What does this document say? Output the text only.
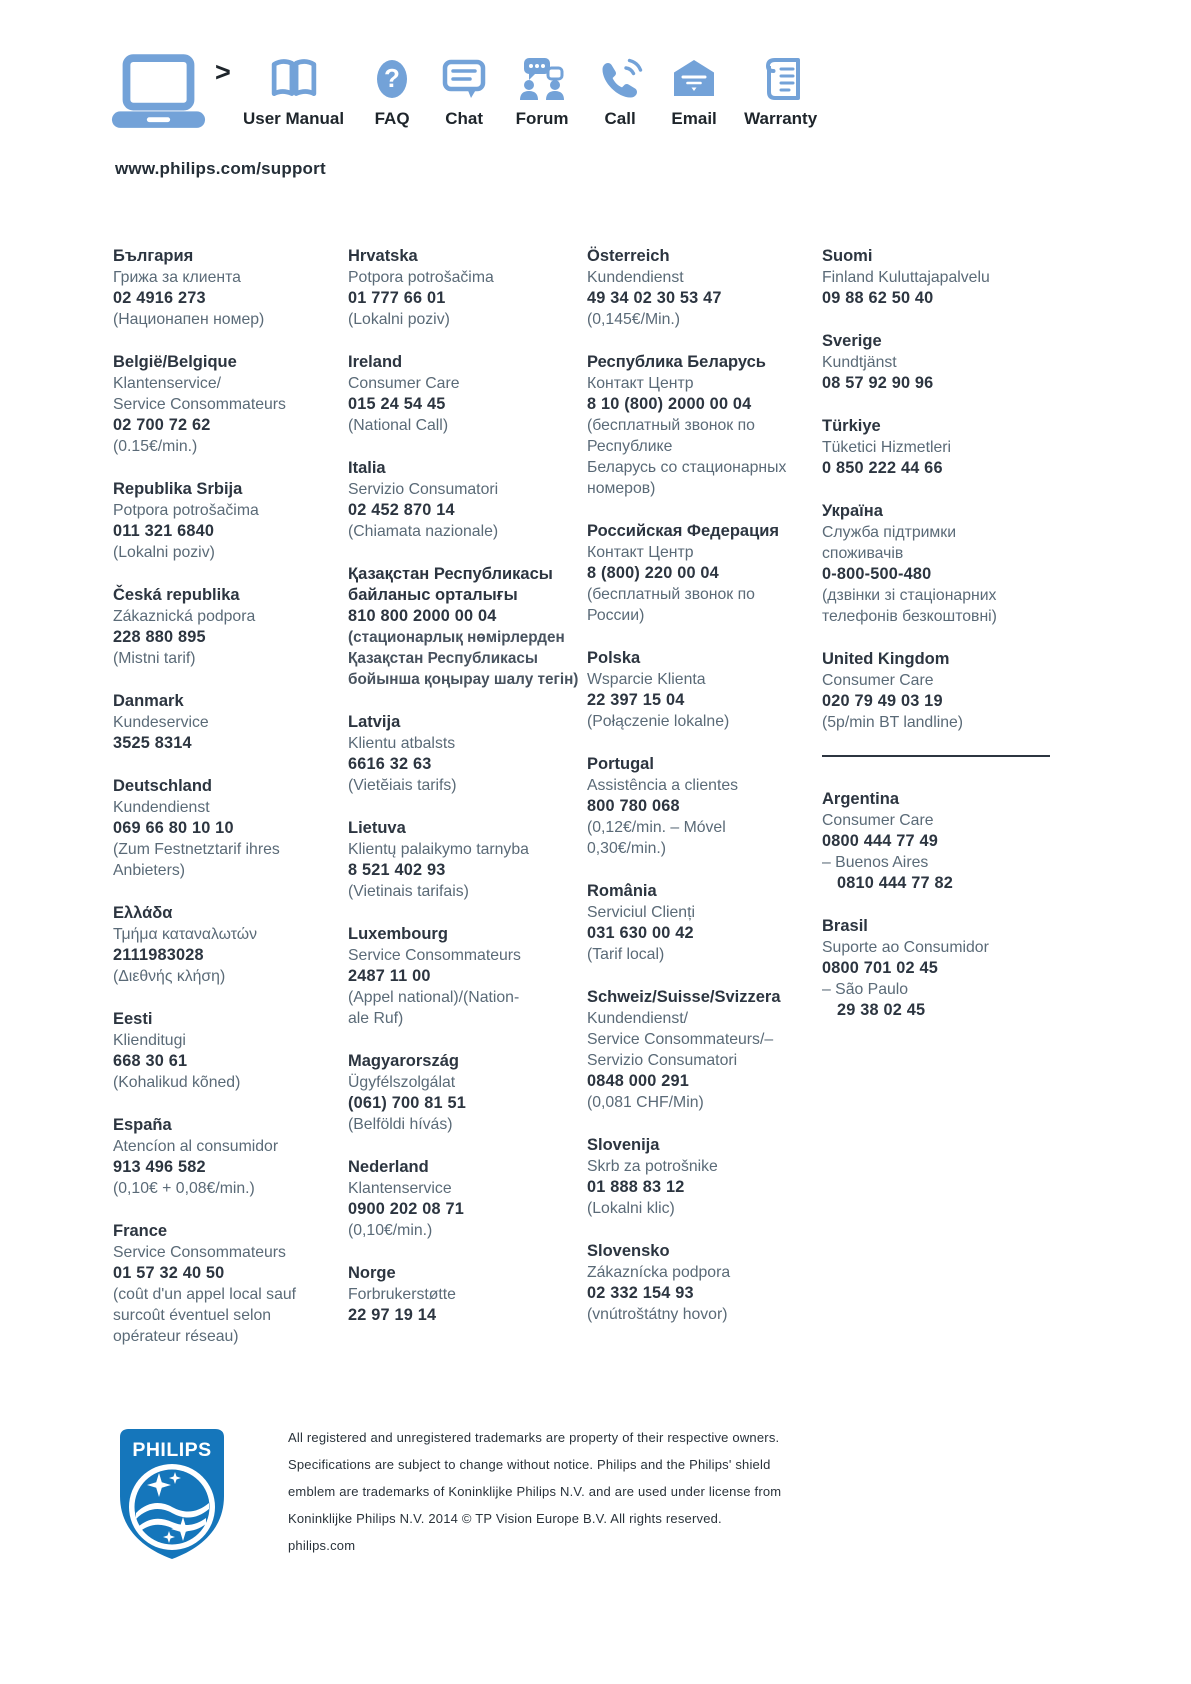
>
User Manual
?
FAQ Chat Forum Call Email Warranty
www.philips.com/support
България
Грижа за клиента
02 4916 273
(Национапен номер)
België/Belgique
Klantenservice/
Service Consommateurs
02 700 72 62
(0.15€/min.)
Republika Srbija
Potpora potrošačima
011 321 6840
(Lokalni poziv)
Česká republika
Zákaznická podpora
228 880 895
(Mistni tarif)
Danmark
Kundeservice
3525 8314
Deutschland
Kundendienst
069 66 80 10 10
(Zum Festnetztarif ihres
Anbieters)
Ελλάδα
Τμήμα καταναλωτών
2111983028
(Διεθνής κλήση)
Eesti
Klienditugi
668 30 61
(Kohalikud kõned)
España
Atencíon al consumidor
913 496 582
(0,10€ + 0,08€/min.)
France
Service Consommateurs
01 57 32 40 50
(coût d'un appel local sauf
surcoût éventuel selon
opérateur réseau)
Hrvatska
Potpora potrošačima
01 777 66 01
(Lokalni poziv)
Ireland
Consumer Care
015 24 54 45
(National Call)
Italia
Servizio Consumatori
02 452 870 14
(Chiamata nazionale)
Қазақстан Республикасы
байланыс орталығы
810 800 2000 00 04
(стационарлық нөмірлерден
Қазақстан Республикасы
бойынша қоңырау шалу тегін)
Latvija
Klientu atbalsts
6616 32 63
(Vietĕiais tarifs)
Lietuva
Klientų palaikymo tarnyba
8 521 402 93
(Vietinais tarifais)
Luxembourg
Service Consommateurs
2487 11 00
(Appel national)/(Nation-
ale Ruf)
Magyarország
Ügyfélszolgálat
(061) 700 81 51
(Belföldi hívás)
Nederland
Klantenservice
0900 202 08 71
(0,10€/min.)
Norge
Forbrukerstøtte
22 97 19 14
Österreich
Kundendienst
49 34 02 30 53 47
(0,145€/Min.)
Республика Беларусь
Контакт Центр
8 10 (800) 2000 00 04
(бесплатный звонок по
Республике
Беларусь со стационарных
номеров)
Российская Федерация
Контакт Центр
8 (800) 220 00 04
(бесплатный звонок по
России)
Polska
Wsparcie Klienta
22 397 15 04
(Połączenie lokalne)
Portugal
Assistência a clientes
800 780 068
(0,12€/min. – Móvel
0,30€/min.)
România
Serviciul Clienți
031 630 00 42
(Tarif local)
Schweiz/Suisse/Svizzera
Kundendienst/
Service Consommateurs/–
Servizio Consumatori
0848 000 291
(0,081 CHF/Min)
Slovenija
Skrb za potrošnike
01 888 83 12
(Lokalni klic)
Slovensko
Zákaznícka podpora
02 332 154 93
(vnútroštátny hovor)
Suomi
Finland Kuluttajapalvelu
09 88 62 50 40
Sverige
Kundtjänst
08 57 92 90 96
Türkiye
Tüketici Hizmetleri
0 850 222 44 66
Україна
Служба підтримки
споживачів
0-800-500-480
(дзвінки зі стаціонарних
телефонів безкоштовні)
United Kingdom
Consumer Care
020 79 49 03 19
(5p/min BT landline)
Argentina
Consumer Care
0800 444 77 49
– Buenos Aires
0810 444 77 82
Brasil
Suporte ao Consumidor
0800 701 02 45
– São Paulo
29 38 02 45
PHILIPS
All registered and unregistered trademarks are property of their respective owners.
Specifications are subject to change without notice. Philips and the Philips' shield
emblem are trademarks of Koninklijke Philips N.V. and are used under license from
Koninklijke Philips N.V. 2014 © TP Vision Europe B.V. All rights reserved.
philips.com
